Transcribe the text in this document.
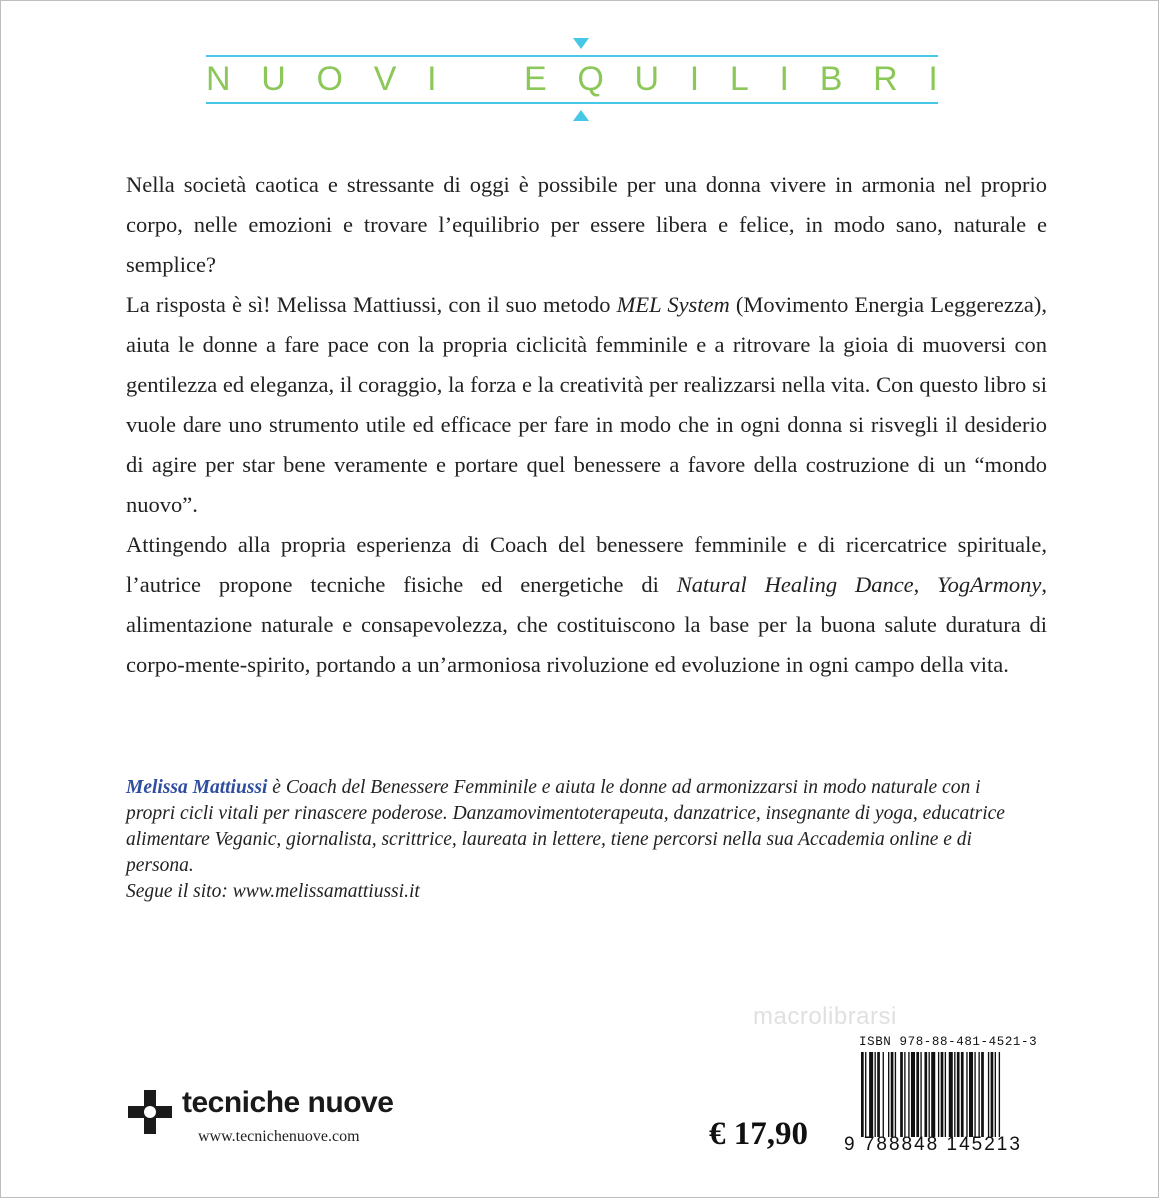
N U O V I	E Q U I L I B R I

Nella società caotica e stressante di oggi è possibile per una donna vivere in armonia nel proprio corpo, nelle emozioni e trovare l’equilibrio per essere libera e felice, in modo sano, naturale e semplice?

La risposta è sì! Melissa Mattiussi, con il suo metodo MEL System (Movimento Energia Leggerezza), aiuta le donne a fare pace con la propria ciclicità femminile e a ritrovare la gioia di muoversi con gentilezza ed eleganza, il coraggio, la forza e la creatività per realizzarsi nella vita. Con questo libro si vuole dare uno strumento utile ed efficace per fare in modo che in ogni donna si risvegli il desiderio di agire per star bene veramente e portare quel benessere a favore della costruzione di un “mondo nuovo”.

Attingendo alla propria esperienza di Coach del benessere femminile e di ricercatrice spirituale, l’autrice propone tecniche fisiche ed energetiche di Natural Healing Dance, YogArmony, alimentazione naturale e consapevolezza, che costituiscono la base per la buona salute duratura di corpo-mente-spirito, portando a un’armoniosa rivoluzione ed evoluzione in ogni campo della vita.

Melissa Mattiussi è Coach del Benessere Femminile e aiuta le donne ad armonizzarsi in modo naturale con i propri cicli vitali per rinascere poderose. Danzamovimentoterapeuta, danzatrice, insegnante di yoga, educatrice alimentare Veganic, giornalista, scrittrice, laureata in lettere, tiene percorsi nella sua Accademia online e di persona.

Segue il sito: www.melissamattiussi.it

macrolibrarsi
tecniche nuove
www.tecnichenuove.com	€ 17,90
ISBN 978-88-481-4521-3
9 788848 145213
